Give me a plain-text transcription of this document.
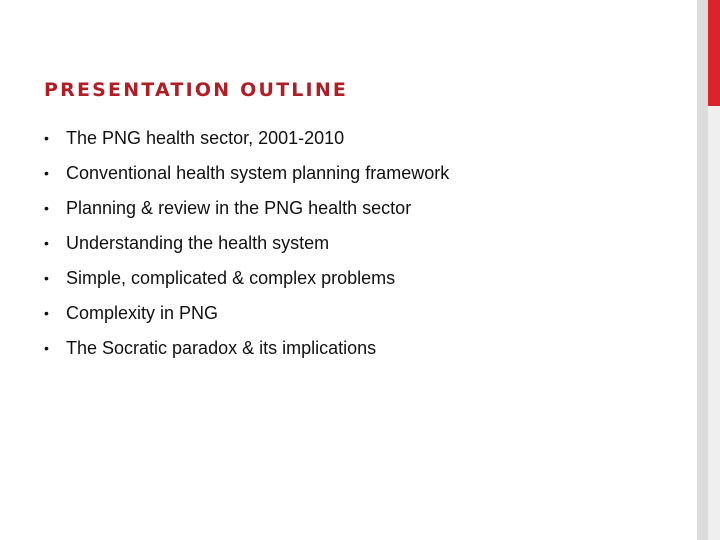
PRESENTATION OUTLINE
• The PNG health sector, 2001-2010
• Conventional health system planning framework
• Planning & review in the PNG health sector
• Understanding the health system
• Simple, complicated & complex problems
• Complexity in PNG
• The Socratic paradox & its implications
